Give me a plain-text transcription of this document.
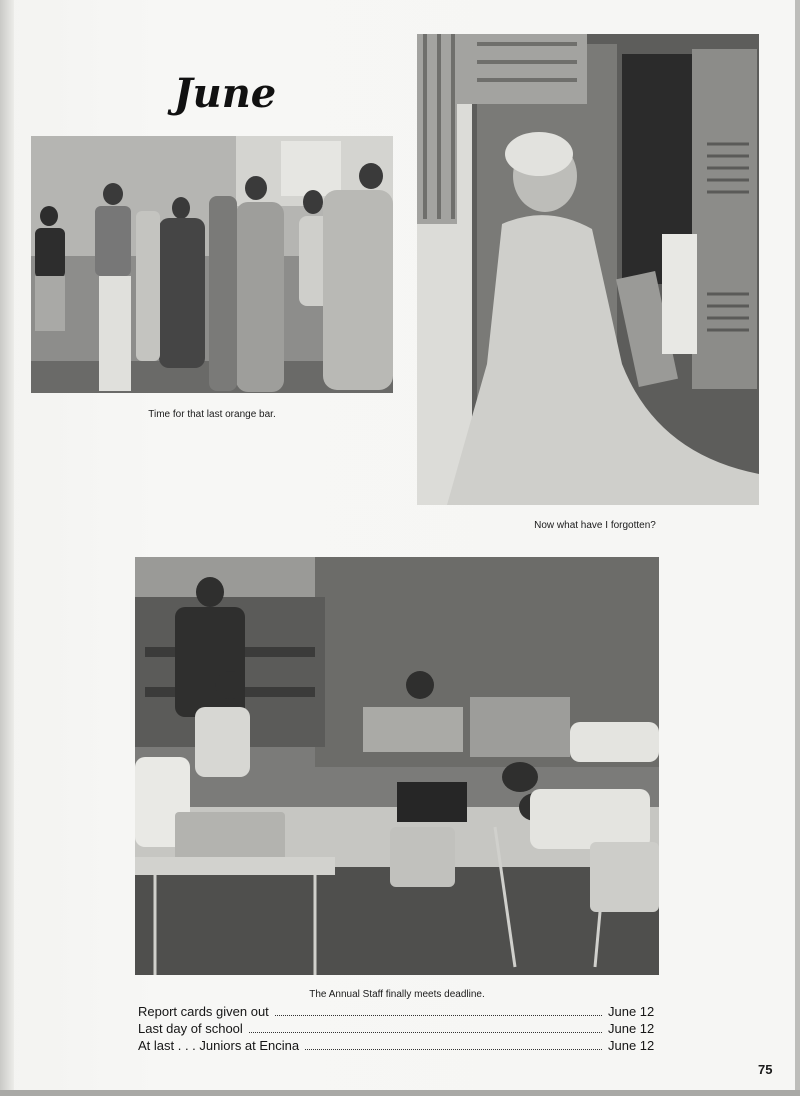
June
Time for that last orange bar.
Now what have I forgotten?
The Annual Staff finally meets deadline.
Report cards given out	June 12
Last day of school	June 12
At last . . . Juniors at Encina	June 12
75
